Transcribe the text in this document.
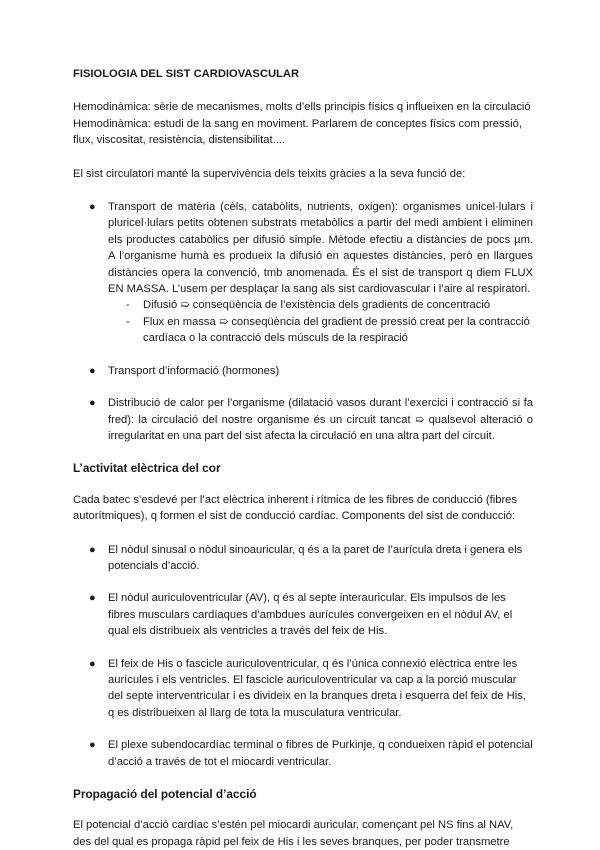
FISIOLOGIA DEL SIST CARDIOVASCULAR

Hemodinàmica: sèrie de mecanismes, molts d’ells principis físics q influeixen en la circulació Hemodinàmica: estudi de la sang en moviment. Parlarem de conceptes físics com pressió, flux, viscositat, resistència, distensibilitat....

El sist circulatori manté la supervivència dels teixits gràcies a la seva funció de:

● Transport de matèria (cèls, catabòlits, nutrients, oxigen): organismes unicel·lulars i pluricel·lulars petits obtenen substrats metabòlics a partir del medi ambient i eliminen els productes catabòlics per difusió simple. Mètode efectiu a distàncies de pocs µm. A l’organisme humà es produeix la difusió en aquestes distàncies, però en llargues distàncies opera la convenció, tmb anomenada. És el sist de transport q diem FLUX EN MASSA. L’usem per desplaçar la sang als sist cardiovascular i l’aire al respiratori.

- Difusió ➯ conseqüència de l’existència dels gradients de concentració
- Flux en massa ➯ conseqüència del gradient de pressió creat per la contracció cardíaca o la contracció dels músculs de la respiració
● Transport d’informació (hormones)

● Distribució de calor per l’organisme (dilatació vasos durant l’exercici i contracció si fa fred): la circulació del nostre organisme és un circuit tancat ➯ qualsevol alteració o irregularitat en una part del sist afecta la circulació en una altra part del circuit.

L’activitat elèctrica del cor

Cada batec s’esdevé per l’act elèctrica inherent i rítmica de les fibres de conducció (fibres autorítmiques), q formen el sist de conducció cardíac. Components del sist de conducció:

● El nòdul sinusal o nòdul sinoauricular, q és a la paret de l’aurícula dreta i genera els potencials d’acció.

● El nòdul auriculoventricular (AV), q és al septe interauricular. Els impulsos de les fibres musculars cardíaques d’ambdues aurícules convergeixen en el nòdul AV, el qual els distribueix als ventricles a través del feix de His.

● El feix de His o fascicle auriculoventricular, q és l’única connexió elèctrica entre les aurícules i els ventricles. El fascicle auriculoventricular va cap a la porció muscular del septe interventricular i es divideix en la branques dreta i esquerra del feix de His, q es distribueixen al llarg de tota la musculatura ventricular.

● El plexe subendocardíac terminal o fibres de Purkinje, q condueixen ràpid el potencial d’acció a través de tot el miocardi ventricular.

Propagació del potencial d’acció

El potencial d’acció cardíac s’estén pel miocardi auricular, començant pel NS fins al NAV, des del qual es propaga ràpid pel feix de His i les seves branques, per poder transmetre
